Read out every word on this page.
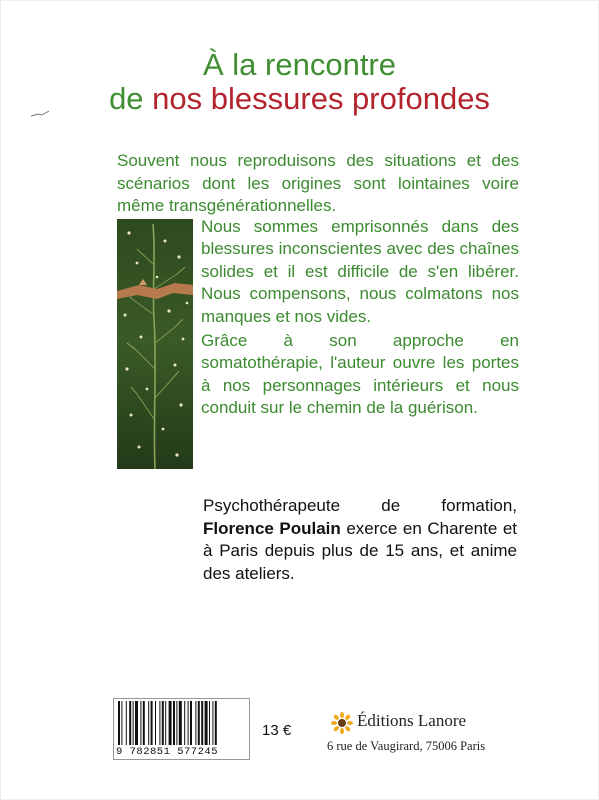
À la rencontre
de nos blessures profondes
Souvent nous reproduisons des situations et des scénarios dont les origines sont lointaines voire même transgénérationnelles.

Nous sommes emprisonnés dans des blessures inconscientes avec des chaînes solides et il est difficile de s'en libérer. Nous compensons, nous colmatons nos manques et nos vides.

Grâce à son approche en somatothérapie, l'auteur ouvre les portes à nos personnages intérieurs et nous conduit sur le chemin de la guérison.

Psychothérapeute de formation, Florence Poulain exerce en Charente et à Paris depuis plus de 15 ans, et anime des ateliers.
9 782851 577245
13 €
Éditions Lanore
6 rue de Vaugirard, 75006 Paris
